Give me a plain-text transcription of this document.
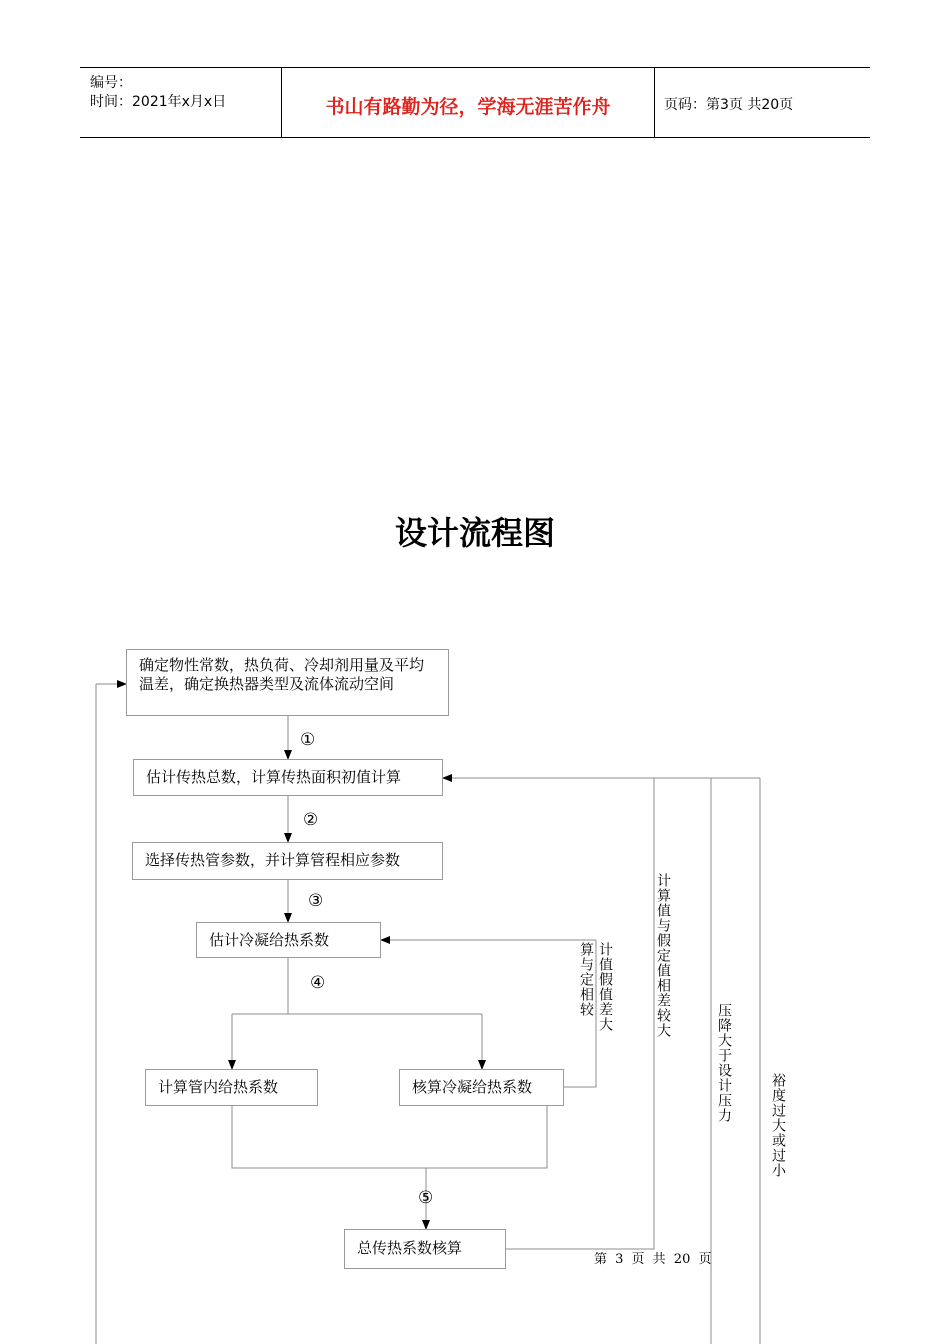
编号：
时间：2021年x月x日	书山有路勤为径，学海无涯苦作舟	页码：第3页 共20页
设计流程图
确定物性常数，热负荷、冷却剂用量及平均温差，确定换热器类型及流体流动空间
估计传热总数，计算传热面积初值计算
选择传热管参数，并计算管程相应参数
估计冷凝给热系数
计算管内给热系数	核算冷凝给热系数
总传热系数核算
①
②
③
④
⑤
算与定相较 计值假值差大	计算值与假定值相差较大
压降大于设计压力
裕度过大或过小
第 3 页 共 20 页
